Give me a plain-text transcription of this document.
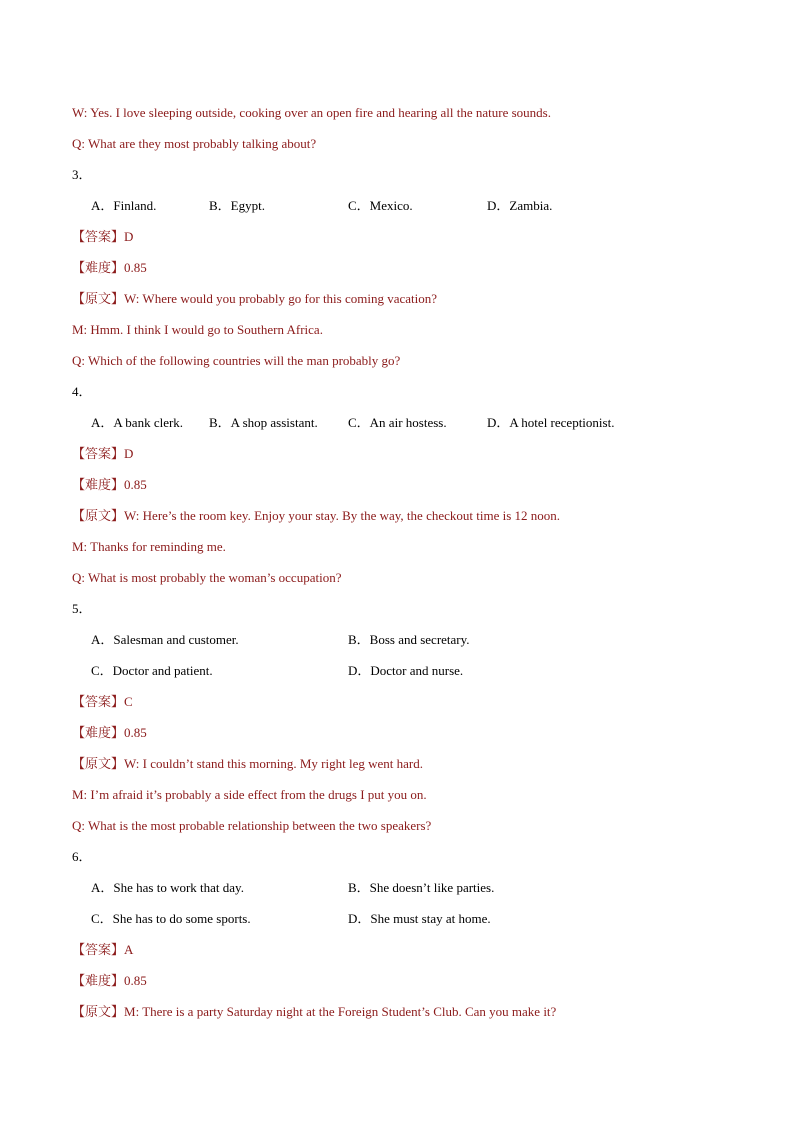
W: Yes. I love sleeping outside, cooking over an open fire and hearing all the nature sounds.
Q: What are they most probably talking about?
3．
A．Finland.	B．Egypt.	C．Mexico.	D．Zambia.
【答案】D
【难度】0.85
【原文】W: Where would you probably go for this coming vacation?
M: Hmm. I think I would go to Southern Africa.
Q: Which of the following countries will the man probably go?
4．
A．A bank clerk.	B．A shop assistant.	C．An air hostess.	D．A hotel receptionist.
【答案】D
【难度】0.85
【原文】W: Here’s the room key. Enjoy your stay. By the way, the checkout time is 12 noon.
M: Thanks for reminding me.
Q: What is most probably the woman’s occupation?
5．
A．Salesman and customer.	B．Boss and secretary.
C．Doctor and patient.	D．Doctor and nurse.
【答案】C
【难度】0.85
【原文】W: I couldn’t stand this morning. My right leg went hard.
M: I’m afraid it’s probably a side effect from the drugs I put you on.
Q: What is the most probable relationship between the two speakers?
6．
A．She has to work that day.	B．She doesn’t like parties.
C．She has to do some sports.	D．She must stay at home.
【答案】A
【难度】0.85
【原文】M: There is a party Saturday night at the Foreign Student’s Club. Can you make it?
